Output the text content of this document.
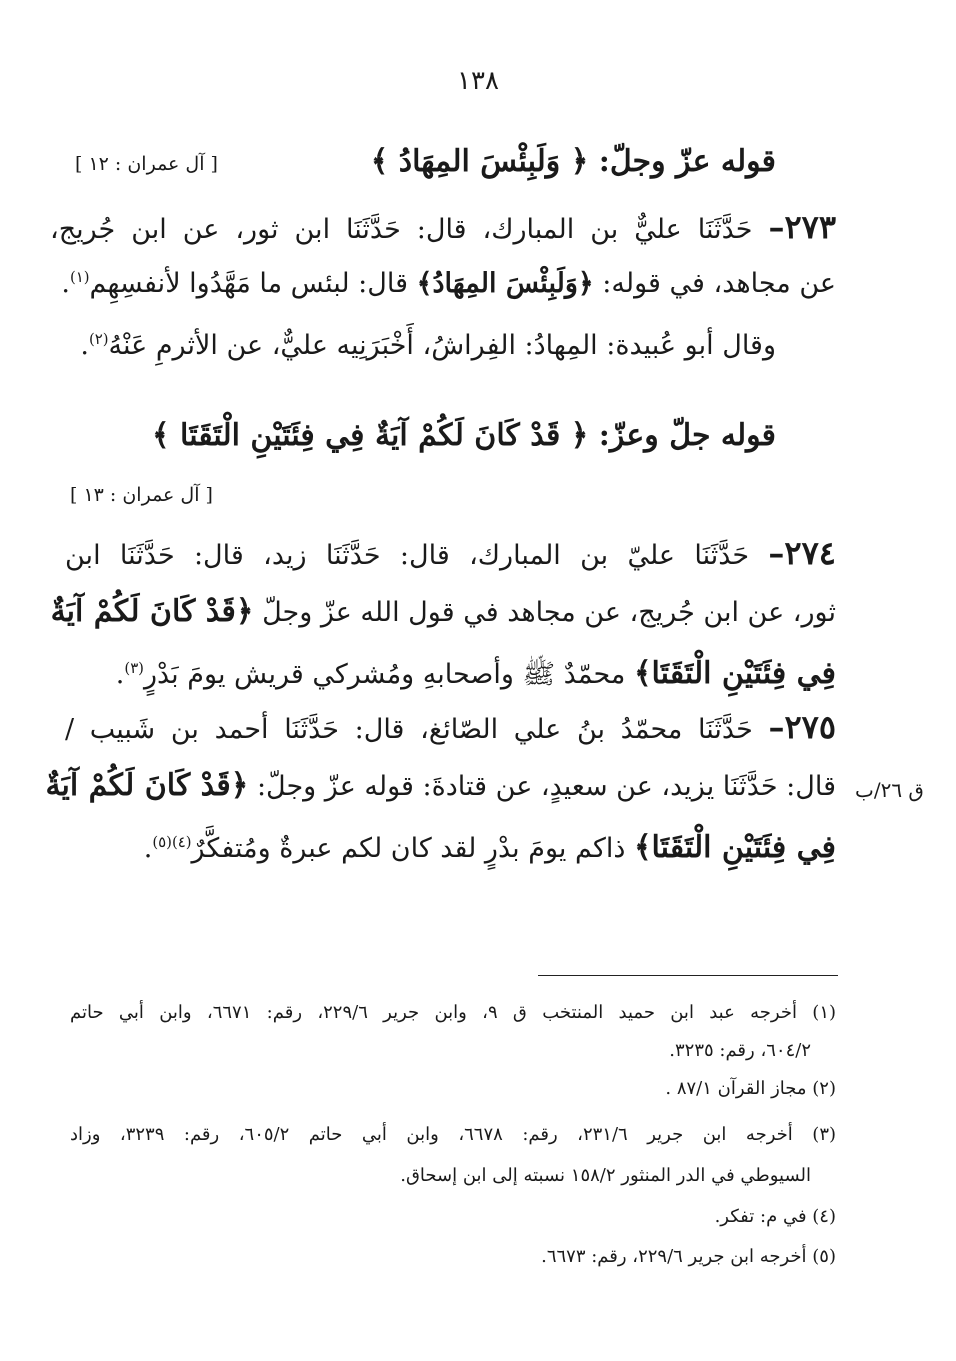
١٣٨
قوله عزّ وجلّ: ﴿ وَلَبِئْسَ المِهَادُ ﴾
[ آل عمران : ١٢ ]
٢٧٣– حَدَّثَنَا عليٌّ بن المبارك، قال: حَدَّثَنَا ابن ثور، عن ابن جُريج،
عن مجاهد، في قوله: ﴿وَلَبِئْسَ المِهَادُ﴾ قال: لبئس ما مَهَّدُوا لأنفسِهِم$^{(١)}$.
وقال أبو عُبيدة: المِهادُ: الفِراشُ، أَخْبَرَنِيه عليٌّ، عن الأثرمِ عَنْهُ$^{(٢)}$.
قوله جلّ وعزّ: ﴿ قَدْ كَانَ لَكُمْ آيَةٌ فِي فِئَتَيْنِ الْتَقَتَا ﴾
[ آل عمران : ١٣ ]
٢٧٤– حَدَّثَنَا عليّ بن المبارك، قال: حَدَّثَنَا زيد، قال: حَدَّثَنَا ابن
ثور، عن ابن جُريج، عن مجاهد في قول الله عزّ وجلّ ﴿قَدْ كَانَ لَكُمْ آيَةٌ
فِي فِئَتَيْنِ الْتَقَتَا﴾ محمّدٌ ﷺ وأصحابهِ ومُشركي قريش يومَ بَدْرٍ$^{(٣)}$.
٢٧٥– حَدَّثَنَا محمّدُ بنُ علي الصّائغ، قال: حَدَّثَنَا أحمد بن شَبيب /
قال: حَدَّثَنَا يزيد، عن سعيدٍ، عن قتادةَ: قوله عزّ وجلّ: ﴿قَدْ كَانَ لَكُمْ آيَةٌ	ق ٢٦/ب
فِي فِئَتَيْنِ الْتَقَتَا﴾ ذاكم يومَ بدْرٍ لقد كان لكم عبرةٌ ومُتفكَّرٌ$^{(٤)(٥)}$.
(١) أخرجه عبد ابن حميد المنتخب ق ٩، وابن جرير ٢٢٩/٦، رقم: ٦٦٧١، وابن أبي حاتم
٦٠٤/٢، رقم: ٣٢٣٥.
(٢) مجاز القرآن ٨٧/١ .
(٣) أخرجه ابن جرير ٢٣١/٦، رقم: ٦٦٧٨، وابن أبي حاتم ٦٠٥/٢، رقم: ٣٢٣٩، وزاد
السيوطي في الدر المنثور ١٥٨/٢ نسبته إلى ابن إسحاق.
(٤) في م: تفكر.
(٥) أخرجه ابن جرير ٢٢٩/٦، رقم: ٦٦٧٣.
